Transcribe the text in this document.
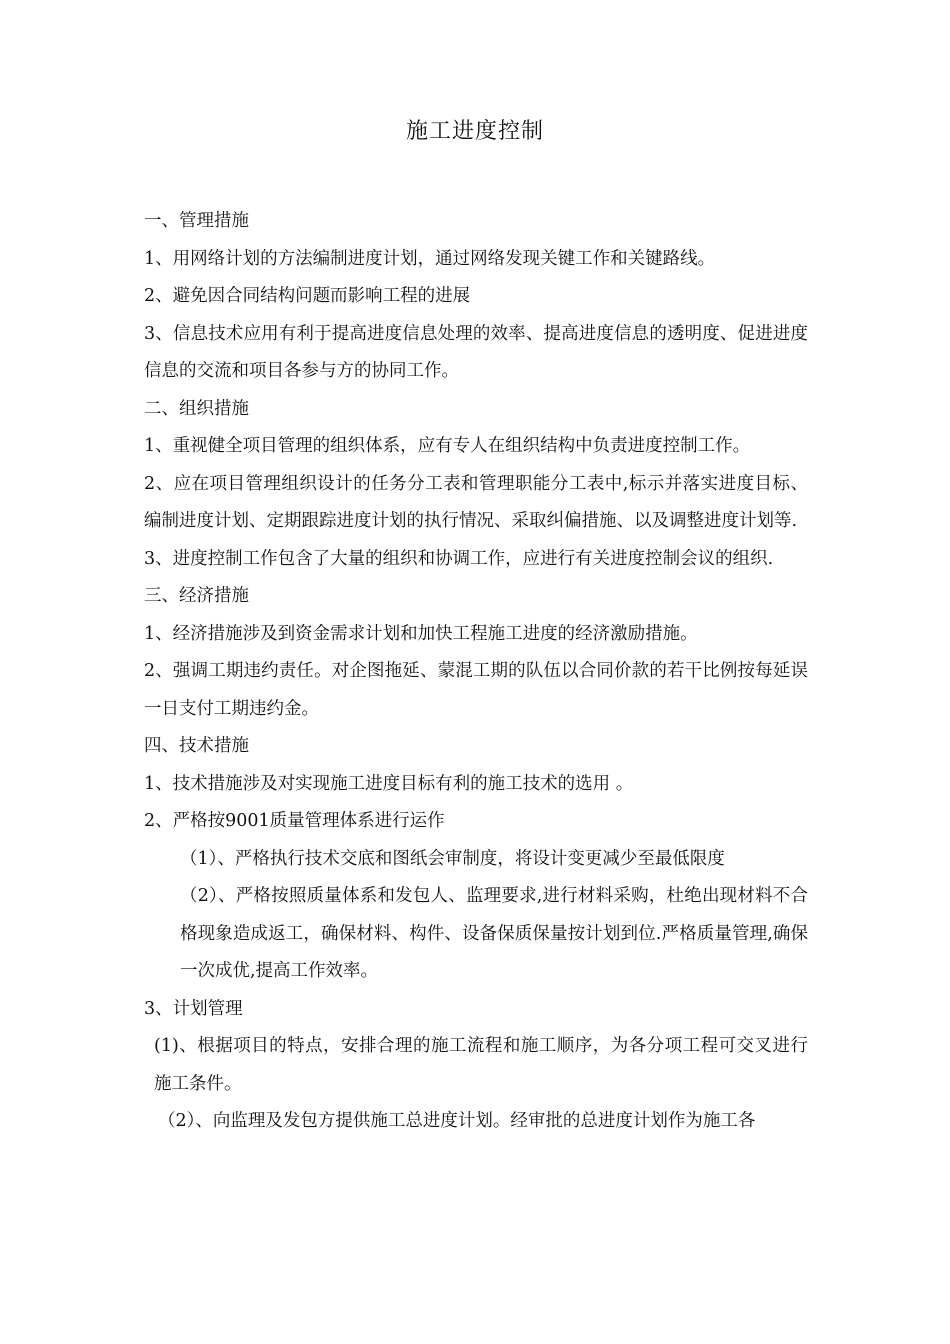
施工进度控制

一、管理措施

1、用网络计划的方法编制进度计划，通过网络发现关键工作和关键路线。

2、避免因合同结构问题而影响工程的进展

3、信息技术应用有利于提高进度信息处理的效率、提高进度信息的透明度、促进进度信息的交流和项目各参与方的协同工作。

二、组织措施

1、重视健全项目管理的组织体系，应有专人在组织结构中负责进度控制工作。

2、应在项目管理组织设计的任务分工表和管理职能分工表中,标示并落实进度目标、编制进度计划、定期跟踪进度计划的执行情况、采取纠偏措施、以及调整进度计划等.

3、进度控制工作包含了大量的组织和协调工作，应进行有关进度控制会议的组织.

三、经济措施

1、经济措施涉及到资金需求计划和加快工程施工进度的经济激励措施。

2、强调工期违约责任。对企图拖延、蒙混工期的队伍以合同价款的若干比例按每延误一日支付工期违约金。

四、技术措施

1、技术措施涉及对实现施工进度目标有利的施工技术的选用 。

2、严格按9001质量管理体系进行运作

（1）、严格执行技术交底和图纸会审制度，将设计变更减少至最低限度

（2）、严格按照质量体系和发包人、监理要求,进行材料采购，杜绝出现材料不合格现象造成返工，确保材料、构件、设备保质保量按计划到位.严格质量管理,确保一次成优,提高工作效率。

3、计划管理

(1)、根据项目的特点，安排合理的施工流程和施工顺序，为各分项工程可交叉进行施工条件。

（2）、向监理及发包方提供施工总进度计划。经审批的总进度计划作为施工各
